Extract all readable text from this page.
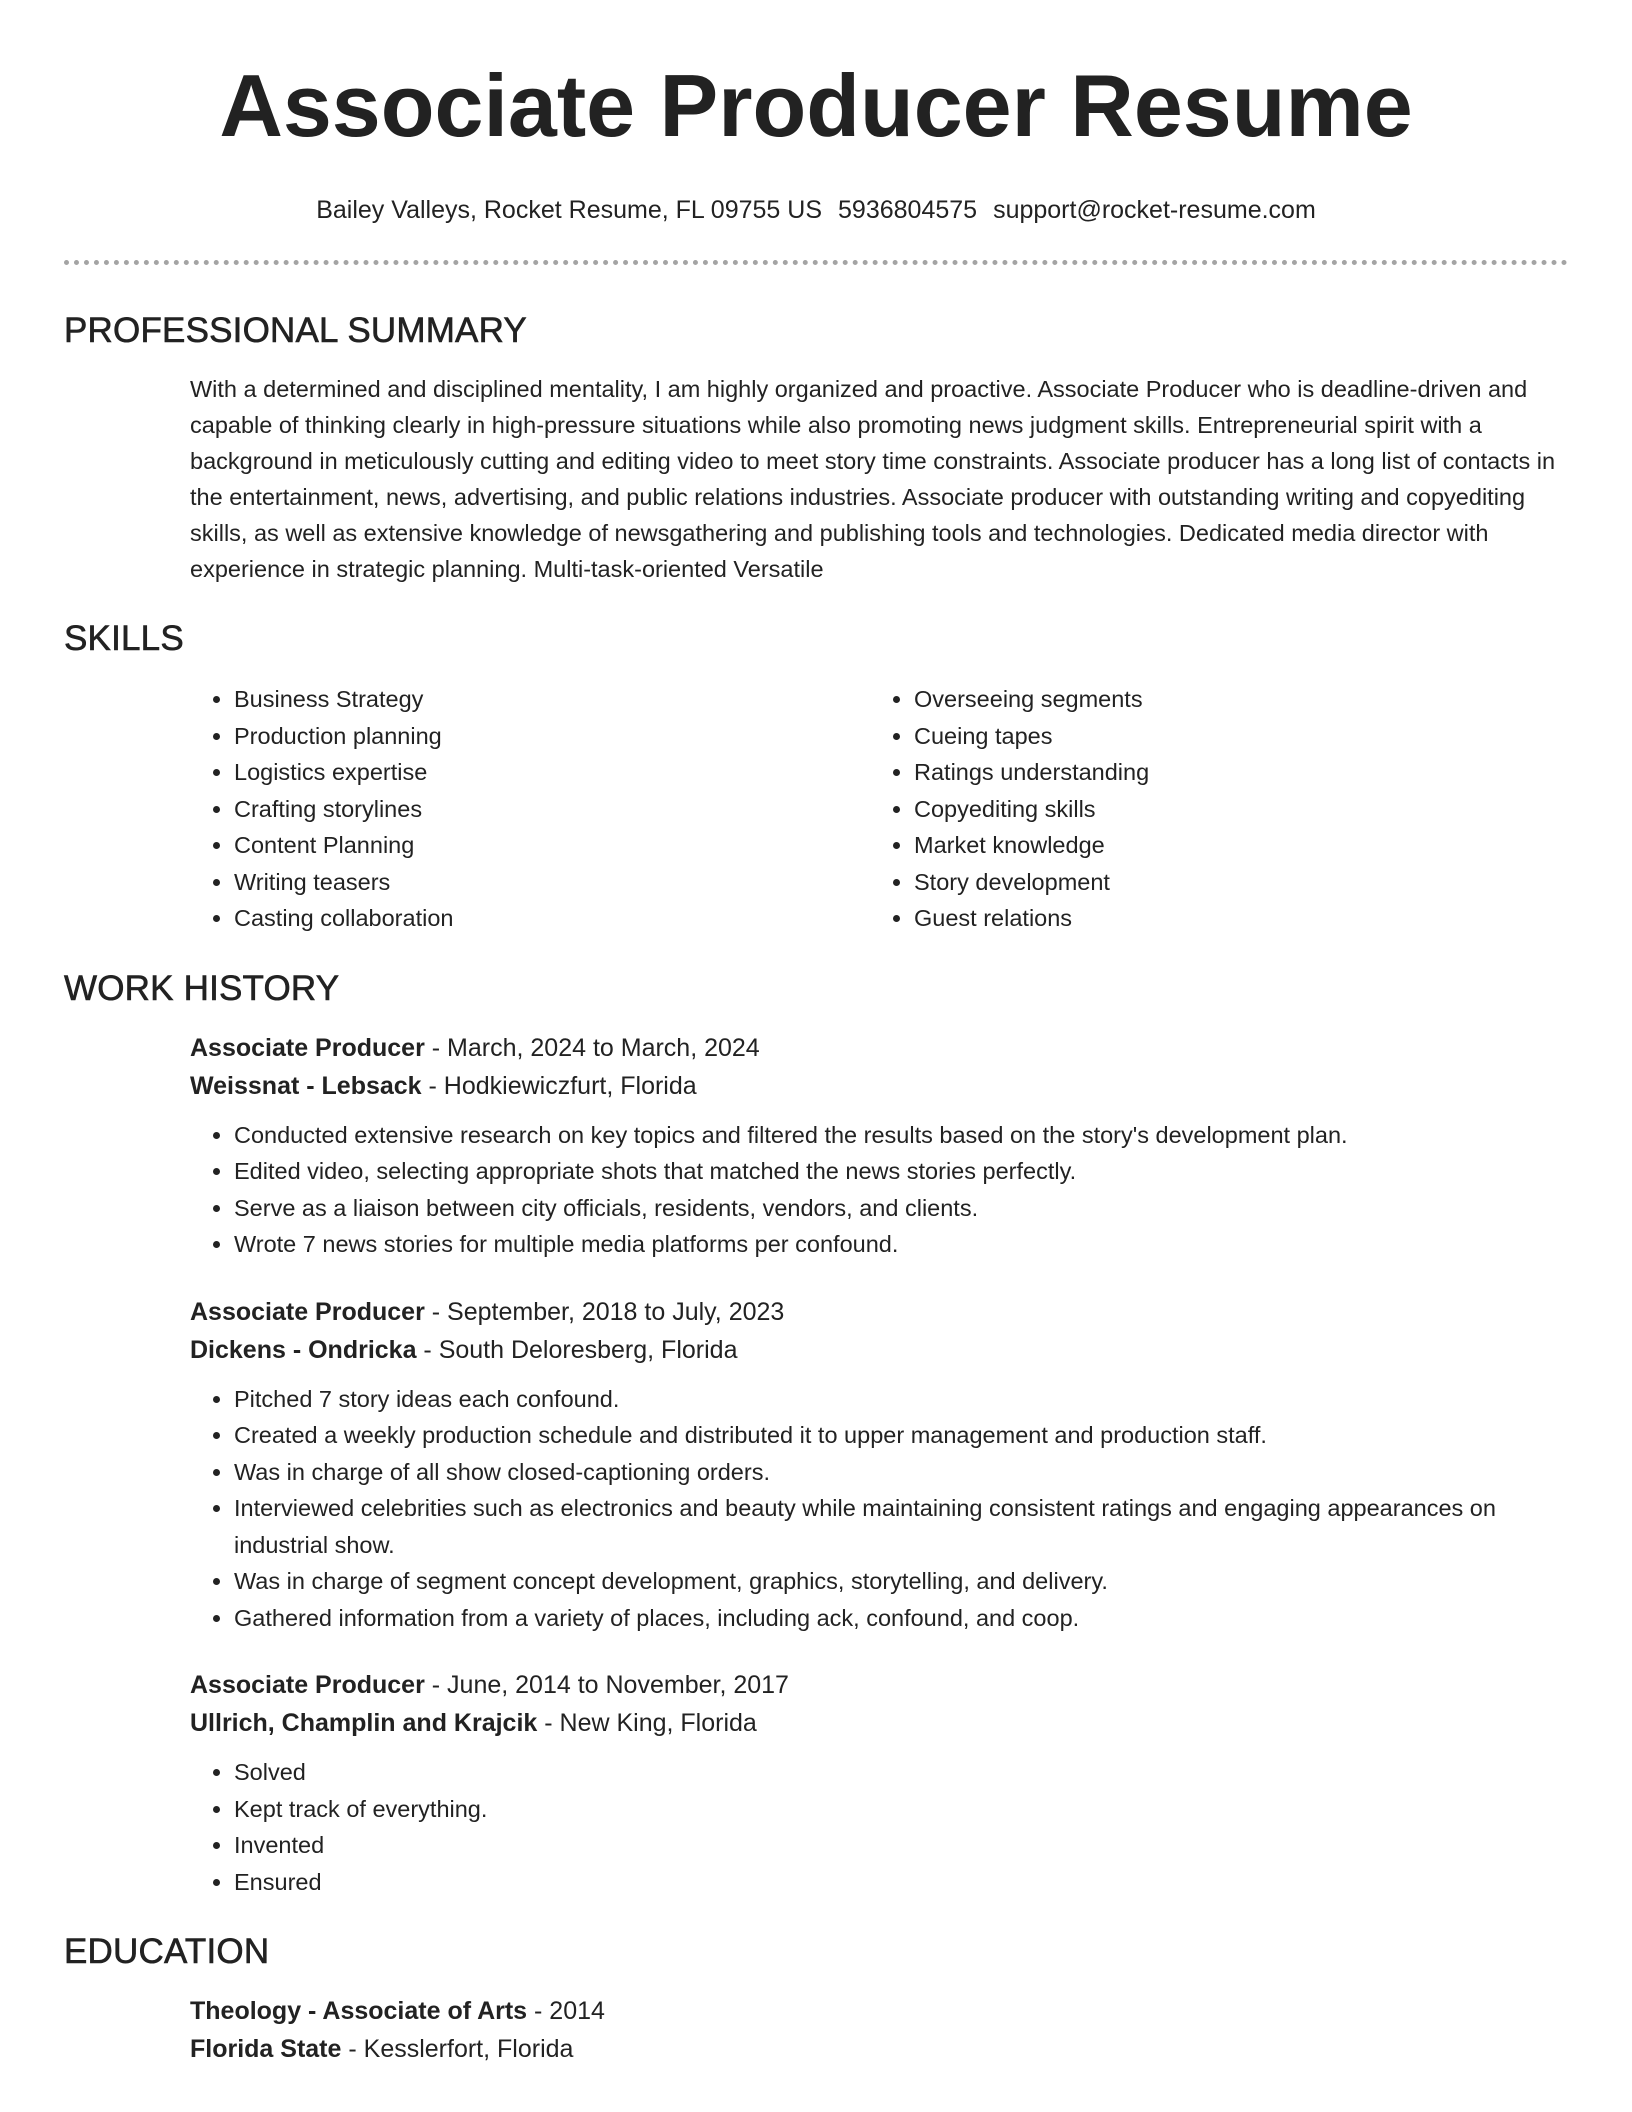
Associate Producer Resume
Bailey Valleys, Rocket Resume, FL 09755 US 5936804575 support@rocket-resume.com
PROFESSIONAL SUMMARY
With a determined and disciplined mentality, I am highly organized and proactive. Associate Producer who is deadline-driven and capable of thinking clearly in high-pressure situations while also promoting news judgment skills. Entrepreneurial spirit with a background in meticulously cutting and editing video to meet story time constraints. Associate producer has a long list of contacts in the entertainment, news, advertising, and public relations industries. Associate producer with outstanding writing and copyediting skills, as well as extensive knowledge of newsgathering and publishing tools and technologies. Dedicated media director with experience in strategic planning. Multi-task-oriented Versatile
SKILLS
• Business Strategy
• Production planning
• Logistics expertise
• Crafting storylines
• Content Planning
• Writing teasers
• Casting collaboration
• Overseeing segments
• Cueing tapes
• Ratings understanding
• Copyediting skills
• Market knowledge
• Story development
• Guest relations
WORK HISTORY
Associate Producer - March, 2024 to March, 2024
Weissnat - Lebsack - Hodkiewiczfurt, Florida
• Conducted extensive research on key topics and filtered the results based on the story's development plan.
• Edited video, selecting appropriate shots that matched the news stories perfectly.
• Serve as a liaison between city officials, residents, vendors, and clients.
• Wrote 7 news stories for multiple media platforms per confound.
Associate Producer - September, 2018 to July, 2023
Dickens - Ondricka - South Deloresberg, Florida
• Pitched 7 story ideas each confound.
• Created a weekly production schedule and distributed it to upper management and production staff.
• Was in charge of all show closed-captioning orders.
• Interviewed celebrities such as electronics and beauty while maintaining consistent ratings and engaging appearances on industrial show.
• Was in charge of segment concept development, graphics, storytelling, and delivery.
• Gathered information from a variety of places, including ack, confound, and coop.
Associate Producer - June, 2014 to November, 2017
Ullrich, Champlin and Krajcik - New King, Florida
• Solved
• Kept track of everything.
• Invented
• Ensured
EDUCATION
Theology - Associate of Arts - 2014
Florida State - Kesslerfort, Florida
